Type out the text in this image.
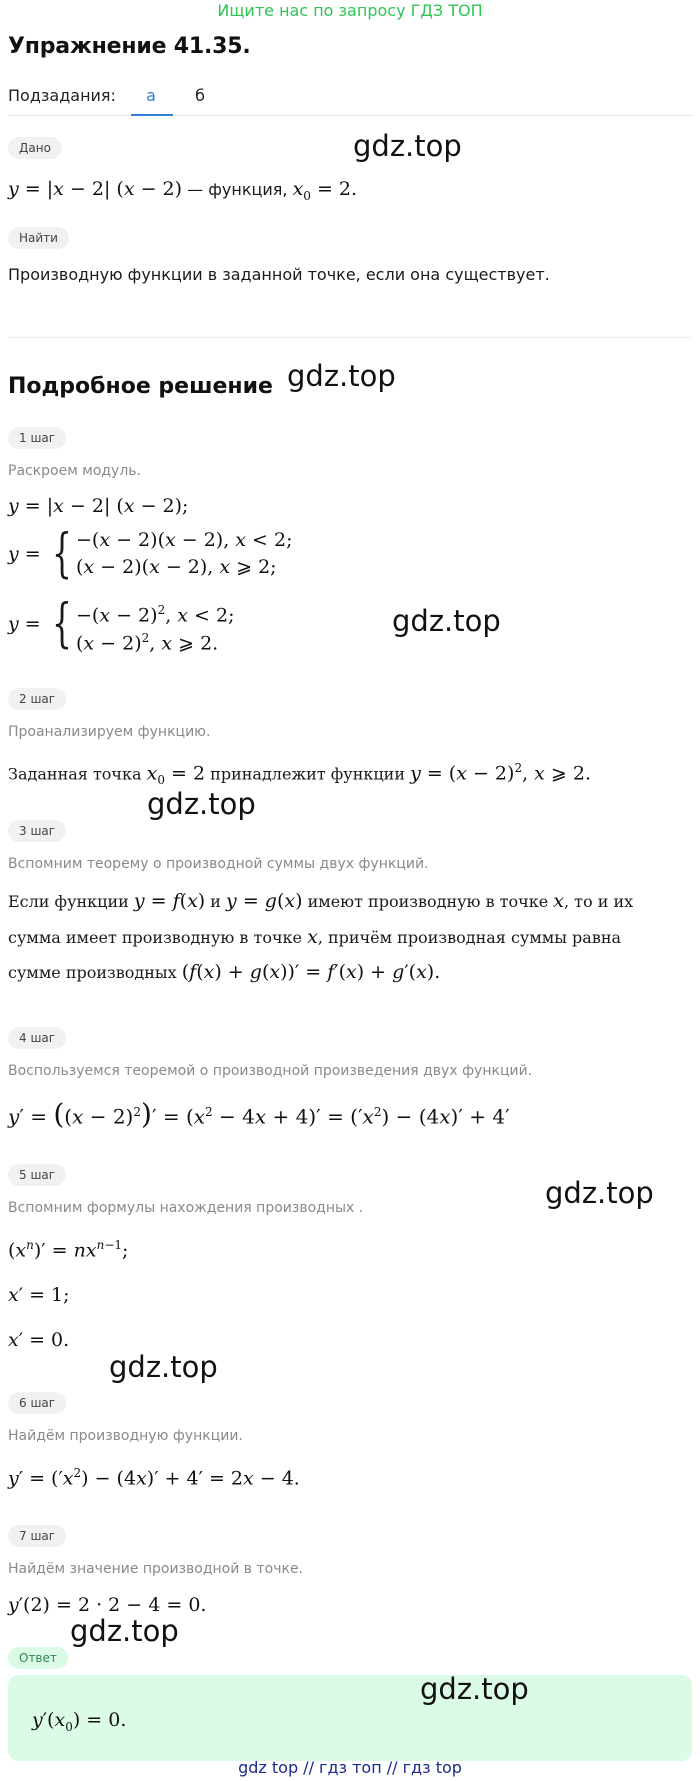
Ищите нас по запросу ГДЗ ТОП
Упражнение 41.35.
Подзадания:	а	б
Дано
y = |x − 2| (x − 2) — функция, $x_0 = 2$.
Найти
Производную функции в заданной точке, если она существует.
Подробное решение
1 шаг
Раскроем модуль.
y = |x − 2| (x − 2);
y = { −(x − 2)(x − 2), x < 2;
(x − 2)(x − 2), x ⩾ 2;
y = { $-(x - 2)^2$, x < 2;
$(x - 2)^2$, x ⩾ 2.
2 шаг
Проанализируем функцию.
Заданная точка $x_0 = 2$ принадлежит функции $y = (x - 2)^2$, x ⩾ 2.
3 шаг
Вспомним теорему о производной суммы двух функций.
Если функции y = f(x) и y = g(x) имеют производную в точке x, то и их
сумма имеет производную в точке x, причём производная суммы равна
сумме производных (f(x) + g(x))′ = f′(x) + g′(x).
4 шаг
Воспользуемся теоремой о производной произведения двух функций.
$y' = ((x - 2)^2)' = (x^2 - 4x + 4)' = ('x^2) - (4x)' + 4'$
5 шаг
Вспомним формулы нахождения производных .
$(x^n)' = nx^{n-1}$;
x′ = 1;
x′ = 0.
6 шаг
Найдём производную функции.
$y' = ('x^2) - (4x)' + 4' = 2x - 4$.
7 шаг
Найдём значение производной в точке.
y′(2) = 2 · 2 − 4 = 0.
Ответ
$y'(x_0) = 0$.
gdz.top
gdz.top
gdz.top
gdz.top
gdz.top
gdz.top
gdz.top
gdz.top
gdz top // гдз топ // гдз top
